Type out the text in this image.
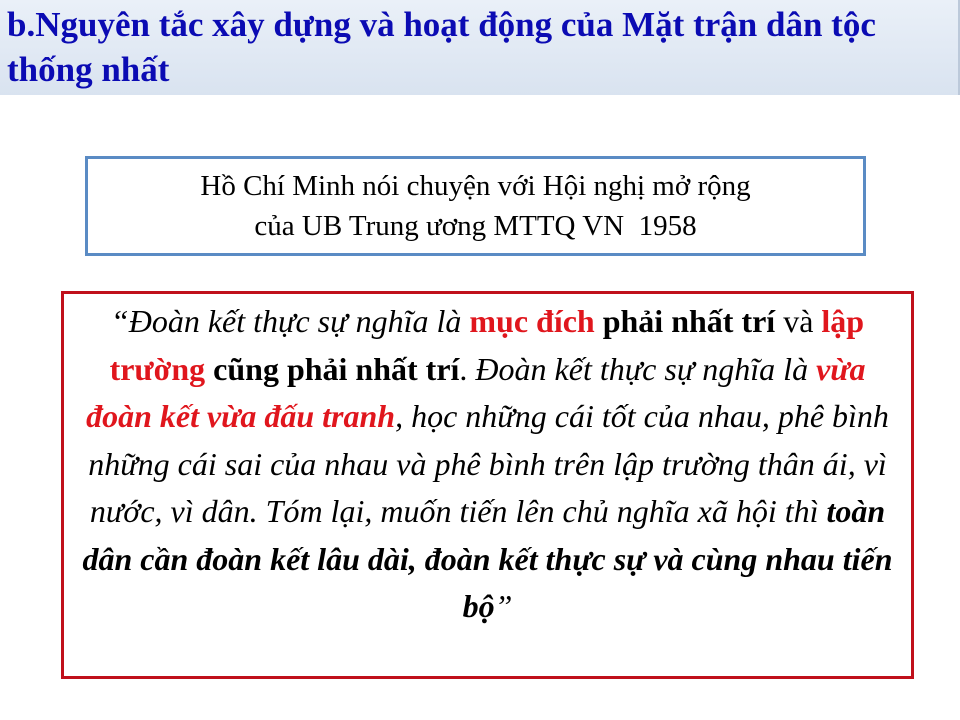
b.Nguyên tắc xây dựng và hoạt động của Mặt trận dân tộc thống nhất
Hồ Chí Minh nói chuyện với Hội nghị mở rộng
của UB Trung ương MTTQ VN  1958
“Đoàn kết thực sự nghĩa là mục đích phải nhất trí và lập trường cũng phải nhất trí. Đoàn kết thực sự nghĩa là vừa đoàn kết vừa đấu tranh, học những cái tốt của nhau, phê bình những cái sai của nhau và phê bình trên lập trường thân ái, vì nước, vì dân. Tóm lại, muốn tiến lên chủ nghĩa xã hội thì toàn dân cần đoàn kết lâu dài, đoàn kết thực sự và cùng nhau tiến bộ”
